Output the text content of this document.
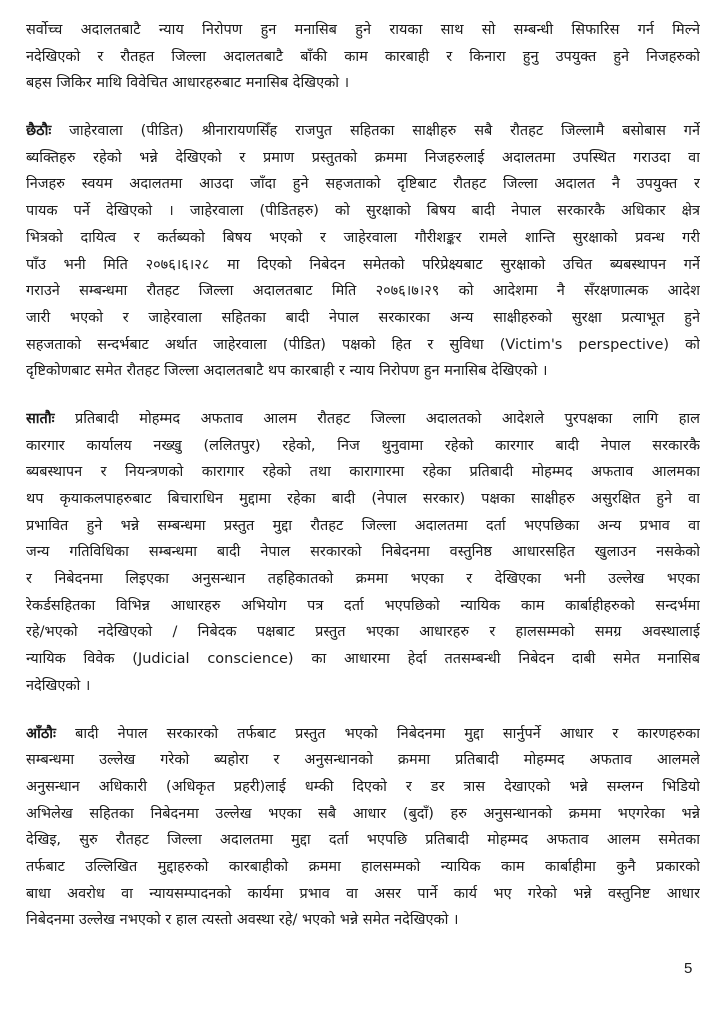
सर्वोच्च अदालतबाटै न्याय निरोपण हुन मनासिब हुने रायका साथ सो सम्बन्धी सिफारिस गर्न मिल्ने
नदेखिएको र रौतहत जिल्ला अदालतबाटै बाँकी काम कारबाही र किनारा हुनु उपयुक्त हुने निजहरुको
बहस जिकिर माथि विवेचित आधारहरुबाट मनासिब देखिएको ।
छैठौः जाहेरवाला (पीडित) श्रीनारायणसिँह राजपुत सहितका साक्षीहरु सबै रौतहट जिल्लामै बसोबास गर्ने
ब्यक्तिहरु रहेको भन्ने देखिएको र प्रमाण प्रस्तुतको क्रममा निजहरुलाई अदालतमा उपस्थित गराउदा वा
निजहरु स्वयम अदालतमा आउदा जाँदा हुने सहजताको दृष्टिबाट रौतहट जिल्ला अदालत नै उपयुक्त र
पायक पर्ने देखिएको । जाहेरवाला (पीडितहरु) को सुरक्षाको बिषय बादी नेपाल सरकारकै अधिकार क्षेत्र
भित्रको दायित्व र कर्तब्यको बिषय भएको र जाहेरवाला गौरीशङ्कर रामले शान्ति सुरक्षाको प्रवन्ध गरी
पाँउ भनी मिति २०७६।६।२८ मा दिएको निबेदन समेतको परिप्रेक्ष्यबाट सुरक्षाको उचित ब्यबस्थापन गर्ने
गराउने सम्बन्धमा रौतहट जिल्ला अदालतबाट मिति २०७६।७।२९ को आदेशमा नै सँरक्षणात्मक आदेश
जारी भएको र जाहेरवाला सहितका बादी नेपाल सरकारका अन्य साक्षीहरुको सुरक्षा प्रत्याभूत हुने
सहजताको सन्दर्भबाट अर्थात जाहेरवाला (पीडित) पक्षको हित र सुविधा (Victim's perspective) को
दृष्टिकोणबाट समेत रौतहट जिल्ला अदालतबाटै थप कारबाही र न्याय निरोपण हुन मनासिब देखिएको ।
सातौः प्रतिबादी मोहम्मद अफताव आलम रौतहट जिल्ला अदालतको आदेशले पुरपक्षका लागि हाल
कारगार कार्यालय नख्खु (ललितपुर) रहेको, निज थुनुवामा रहेको कारगार बादी नेपाल सरकारकै
ब्यबस्थापन र नियन्त्रणको कारागार रहेको तथा कारागारमा रहेका प्रतिबादी मोहम्मद अफताव आलमका
थप कृयाकलपाहरुबाट बिचाराधिन मुद्दामा रहेका बादी (नेपाल सरकार) पक्षका साक्षीहरु असुरक्षित हुने वा
प्रभावित हुने भन्ने सम्बन्धमा प्रस्तुत मुद्दा रौतहट जिल्ला अदालतमा दर्ता भएपछिका अन्य प्रभाव वा
जन्य गतिविधिका सम्बन्धमा बादी नेपाल सरकारको निबेदनमा वस्तुनिष्ठ आधारसहित खुलाउन नसकेको
र निबेदनमा लिइएका अनुसन्धान तहहिकातको क्रममा भएका र देखिएका भनी उल्लेख भएका
रेकर्डसहितका विभिन्न आधारहरु अभियोग पत्र दर्ता भएपछिको न्यायिक काम कार्बाहीहरुको सन्दर्भमा
रहे/भएको नदेखिएको / निबेदक पक्षबाट प्रस्तुत भएका आधारहरु र हालसम्मको समग्र अवस्थालाई
न्यायिक विवेक (Judicial conscience) का आधारमा हेर्दा ततसम्बन्धी निबेदन दाबी समेत मनासिब
नदेखिएको ।
आँठौः बादी नेपाल सरकारको तर्फबाट प्रस्तुत भएको निबेदनमा मुद्दा सार्नुपर्ने आधार र कारणहरुका
सम्बन्धमा उल्लेख गरेको ब्यहोरा र अनुसन्धानको क्रममा प्रतिबादी मोहम्मद अफताव आलमले
अनुसन्धान अधिकारी (अधिकृत प्रहरी)लाई धम्की दिएको र डर त्रास देखाएको भन्ने सम्लग्न भिडियो
अभिलेख सहितका निबेदनमा उल्लेख भएका सबै आधार (बुदाँ) हरु अनुसन्धानको क्रममा भएगरेका भन्ने
देखिइ, सुरु रौतहट जिल्ला अदालतमा मुद्दा दर्ता भएपछि प्रतिबादी मोहम्मद अफताव आलम समेतका
तर्फबाट उल्लिखित मुद्दाहरुको कारबाहीको क्रममा हालसम्मको न्यायिक काम कार्बाहीमा कुनै प्रकारको
बाधा अवरोध वा न्यायसम्पादनको कार्यमा प्रभाव वा असर पार्ने कार्य भए गरेको भन्ने वस्तुनिष्ट आधार
निबेदनमा उल्लेख नभएको र हाल त्यस्तो अवस्था रहे/ भएको भन्ने समेत नदेखिएको ।
5
